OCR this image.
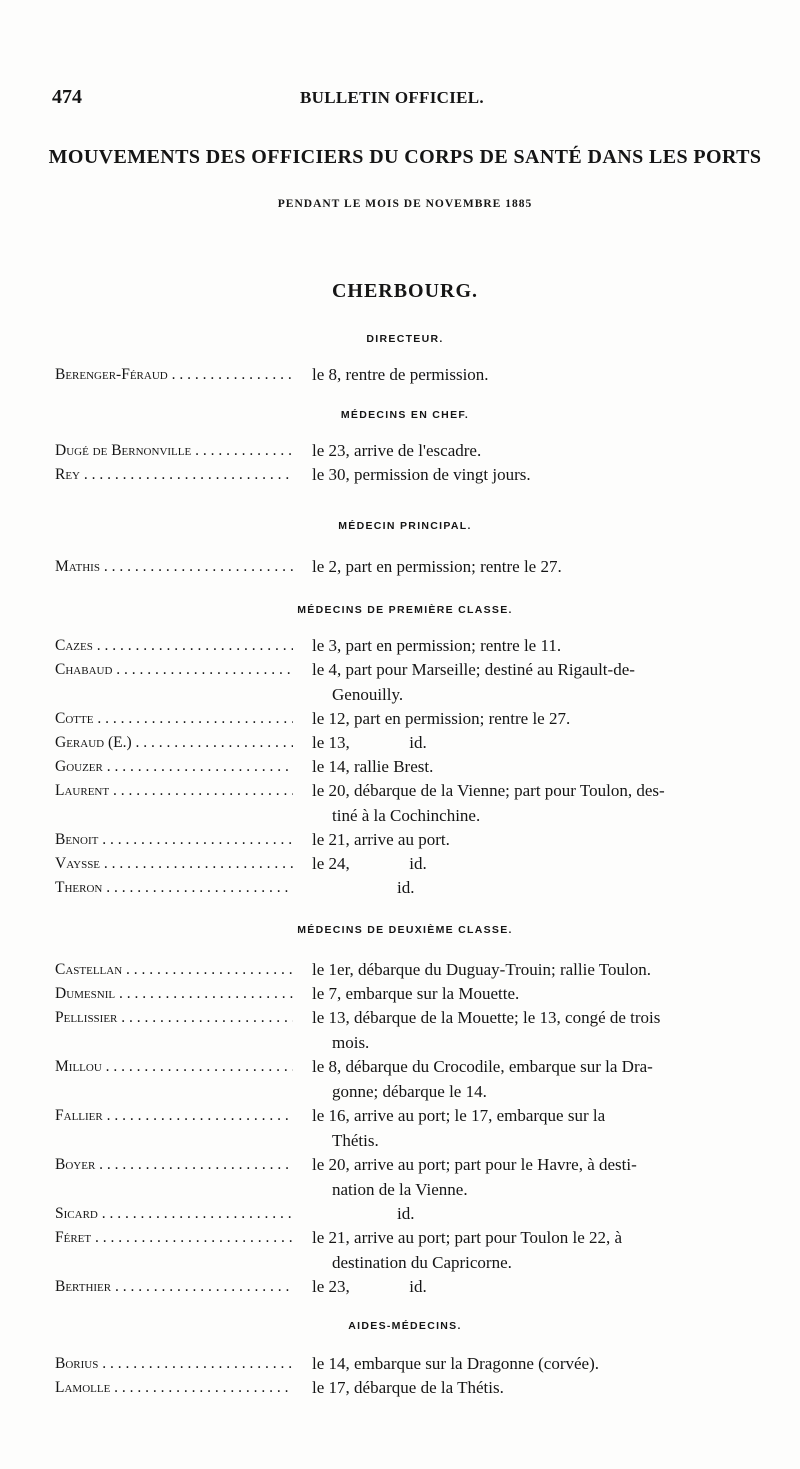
474	BULLETIN OFFICIEL.
MOUVEMENTS DES OFFICIERS DU CORPS DE SANTÉ DANS LES PORTS
PENDANT LE MOIS DE NOVEMBRE 1885
CHERBOURG.
DIRECTEUR.
Berenger-Féraud . . .	le 8, rentre de permission.
MÉDECINS EN CHEF.
Dugé de Bernonville . . .	le 23, arrive de l'escadre.
Rey . . .	le 30, permission de vingt jours.
MÉDECIN PRINCIPAL.
Mathis . . .	le 2, part en permission; rentre le 27.
MÉDECINS DE PREMIÈRE CLASSE.
Cazes . . .	le 3, part en permission; rentre le 11.
Chabaud . . .	le 4, part pour Marseille; destiné au Rigault-de-
Genouilly.
Cotte . . .	le 12, part en permission; rentre le 27.
Geraud (E.) . . .	le 13,              id.
Gouzer . . .	le 14, rallie Brest.
Laurent . . .	le 20, débarque de la Vienne; part pour Toulon, des-
tiné à la Cochinchine.
Benoit . . .	le 21, arrive au port.
Vaysse . . .	le 24,              id.
Theron . . .	id.
MÉDECINS DE DEUXIÈME CLASSE.
Castellan . . .	le 1er, débarque du Duguay-Trouin; rallie Toulon.
Dumesnil . . .	le 7, embarque sur la Mouette.
Pellissier . . .	le 13, débarque de la Mouette; le 13, congé de trois
mois.
Millou . . .	le 8, débarque du Crocodile, embarque sur la Dra-
gonne; débarque le 14.
Fallier . . .	le 16, arrive au port; le 17, embarque sur la
Thétis.
Boyer . . .	le 20, arrive au port; part pour le Havre, à desti-
nation de la Vienne.
Sicard . . .	id.
Féret . . .	le 21, arrive au port; part pour Toulon le 22, à
destination du Capricorne.
Berthier . . .	le 23,              id.
AIDES-MÉDECINS.
Borius . . .	le 14, embarque sur la Dragonne (corvée).
Lamolle . . .	le 17, débarque de la Thétis.
